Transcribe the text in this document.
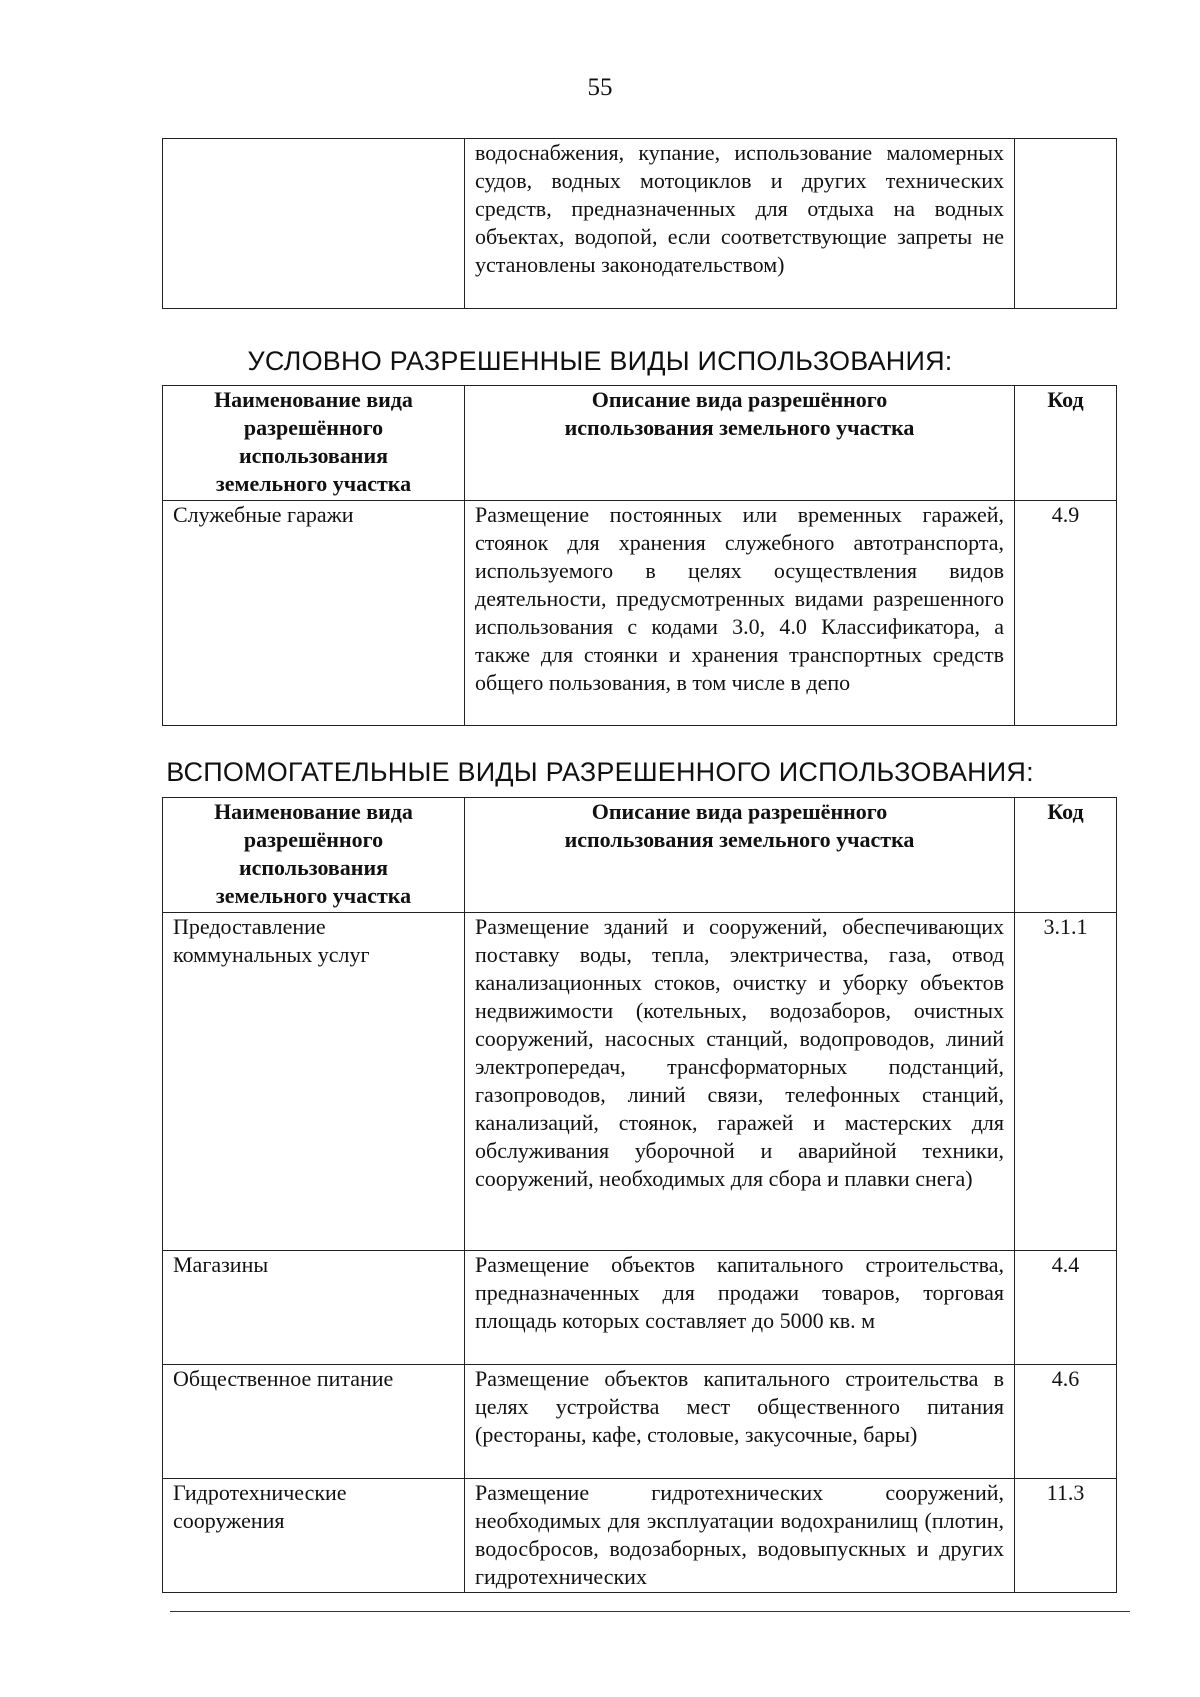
55
	водоснабжения, купание, использование маломерных судов, водных мотоциклов и других технических средств, предназначенных для отдыха на водных объектах, водопой, если соответствующие запреты не установлены законодательством)	
УСЛОВНО РАЗРЕШЕННЫЕ ВИДЫ ИСПОЛЬЗОВАНИЯ:
Наименование вида разрешённого использования земельного участка	Описание вида разрешённого использования земельного участка	Код
Служебные гаражи	Размещение постоянных или временных гаражей, стоянок для хранения служебного автотранспорта, используемого в целях осуществления видов деятельности, предусмотренных видами разрешенного использования с кодами 3.0, 4.0 Классификатора, а также для стоянки и хранения транспортных средств общего пользования, в том числе в депо	4.9
ВСПОМОГАТЕЛЬНЫЕ ВИДЫ РАЗРЕШЕННОГО ИСПОЛЬЗОВАНИЯ:
Наименование вида разрешённого использования земельного участка	Описание вида разрешённого использования земельного участка	Код
Предоставление коммунальных услуг	Размещение зданий и сооружений, обеспечивающих поставку воды, тепла, электричества, газа, отвод канализационных стоков, очистку и уборку объектов недвижимости (котельных, водозаборов, очистных сооружений, насосных станций, водопроводов, линий электропередач, трансформаторных подстанций, газопроводов, линий связи, телефонных станций, канализаций, стоянок, гаражей и мастерских для обслуживания уборочной и аварийной техники, сооружений, необходимых для сбора и плавки снега)	3.1.1
Магазины	Размещение объектов капитального строительства, предназначенных для продажи товаров, торговая площадь которых составляет до 5000 кв. м	4.4
Общественное питание	Размещение объектов капитального строительства в целях устройства мест общественного питания (рестораны, кафе, столовые, закусочные, бары)	4.6
Гидротехнические сооружения	Размещение гидротехнических сооружений, необходимых для эксплуатации водохранилищ (плотин, водосбросов, водозаборных, водовыпускных и других гидротехнических	11.3
